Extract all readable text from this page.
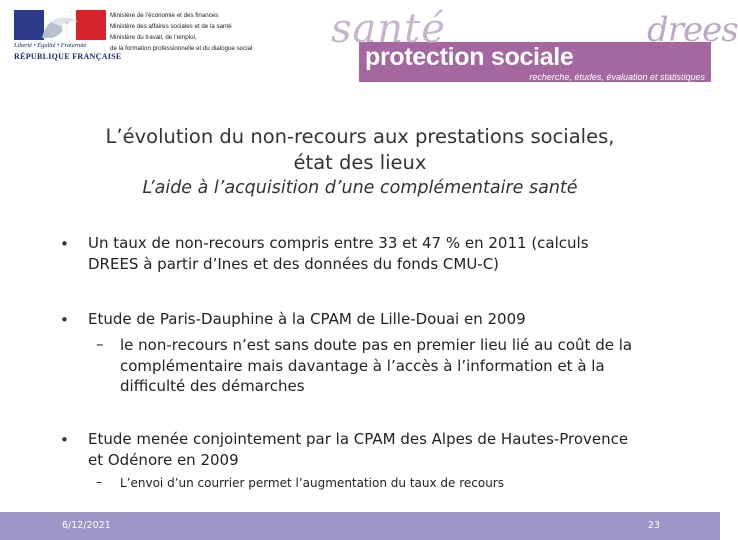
Liberté • Égalité • Fraternité
RÉPUBLIQUE FRANÇAISE
Ministère de l’économie et des finances
Ministère des affaires sociales et de la santé
Ministère du travail, de l’emploi,
de la formation professionnelle et du dialogue social	santé
protection sociale
drees
recherche, études, évaluation et statistiques
L’évolution du non-recours aux prestations sociales,
état des lieux
L’aide à l’acquisition d’une complémentaire santé
• Un taux de non-recours compris entre 33 et 47 % en 2011 (calculs
DREES à partir d’Ines et des données du fonds CMU-C)
• Etude de Paris-Dauphine à la CPAM de Lille-Douai en 2009
– le non-recours n’est sans doute pas en premier lieu lié au coût de la
complémentaire mais davantage à l’accès à l’information et à la
difficulté des démarches
• Etude menée conjointement par la CPAM des Alpes de Hautes-Provence
et Odénore en 2009
– L’envoi d’un courrier permet l’augmentation du taux de recours
6/12/2021	23
